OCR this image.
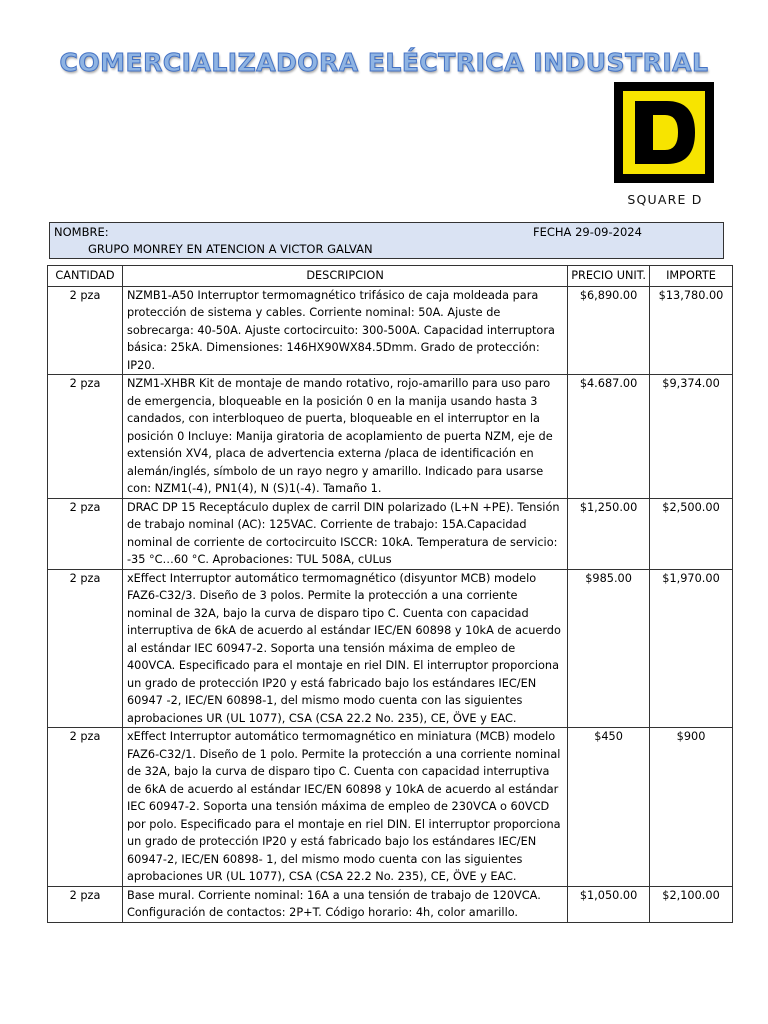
COMERCIALIZADORA ELÉCTRICA INDUSTRIAL
SQUARE D
NOMBRE:	FECHA 29-09-2024
GRUPO MONREY EN ATENCION A VICTOR GALVAN
CANTIDAD	DESCRIPCION	PRECIO UNIT.	IMPORTE
2 pza	NZMB1-A50 Interruptor termomagnético trifásico de caja moldeada para protección de sistema y cables. Corriente nominal: 50A. Ajuste de sobrecarga: 40-50A. Ajuste cortocircuito: 300-500A. Capacidad interruptora básica: 25kA. Dimensiones: 146HX90WX84.5Dmm. Grado de protección: IP20.	$6,890.00	$13,780.00
2 pza	NZM1-XHBR Kit de montaje de mando rotativo, rojo-amarillo para uso paro de emergencia, bloqueable en la posición 0 en la manija usando hasta 3 candados, con interbloqueo de puerta, bloqueable en el interruptor en la posición 0 Incluye: Manija giratoria de acoplamiento de puerta NZM, eje de extensión XV4, placa de advertencia externa /placa de identificación en alemán/inglés, símbolo de un rayo negro y amarillo. Indicado para usarse con: NZM1(-4), PN1(4), N (S)1(-4). Tamaño 1.	$4.687.00	$9,374.00
2 pza	DRAC DP 15 Receptáculo duplex de carril DIN polarizado (L+N +PE). Tensión de trabajo nominal (AC): 125VAC. Corriente de trabajo: 15A.Capacidad nominal de corriente de cortocircuito ISCCR: 10kA. Temperatura de servicio: -35 °C…60 °C. Aprobaciones: TUL 508A, cULus	$1,250.00	$2,500.00
2 pza	xEffect Interruptor automático termomagnético (disyuntor MCB) modelo FAZ6-C32/3. Diseño de 3 polos. Permite la protección a una corriente nominal de 32A, bajo la curva de disparo tipo C. Cuenta con capacidad interruptiva de 6kA de acuerdo al estándar IEC/EN 60898 y 10kA de acuerdo al estándar IEC 60947-2. Soporta una tensión máxima de empleo de 400VCA. Especificado para el montaje en riel DIN. El interruptor proporciona un grado de protección IP20 y está fabricado bajo los estándares IEC/EN 60947 -2, IEC/EN 60898-1, del mismo modo cuenta con las siguientes aprobaciones UR (UL 1077), CSA (CSA 22.2 No. 235), CE, ÖVE y EAC.	$985.00	$1,970.00
2 pza	xEffect Interruptor automático termomagnético en miniatura (MCB) modelo FAZ6-C32/1. Diseño de 1 polo. Permite la protección a una corriente nominal de 32A, bajo la curva de disparo tipo C. Cuenta con capacidad interruptiva de 6kA de acuerdo al estándar IEC/EN 60898 y 10kA de acuerdo al estándar IEC 60947-2. Soporta una tensión máxima de empleo de 230VCA o 60VCD por polo. Especificado para el montaje en riel DIN. El interruptor proporciona un grado de protección IP20 y está fabricado bajo los estándares IEC/EN 60947-2, IEC/EN 60898- 1, del mismo modo cuenta con las siguientes aprobaciones UR (UL 1077), CSA (CSA 22.2 No. 235), CE, ÖVE y EAC.	$450	$900
2 pza	Base mural. Corriente nominal: 16A a una tensión de trabajo de 120VCA. Configuración de contactos: 2P+T. Código horario: 4h, color amarillo.	$1,050.00	$2,100.00
